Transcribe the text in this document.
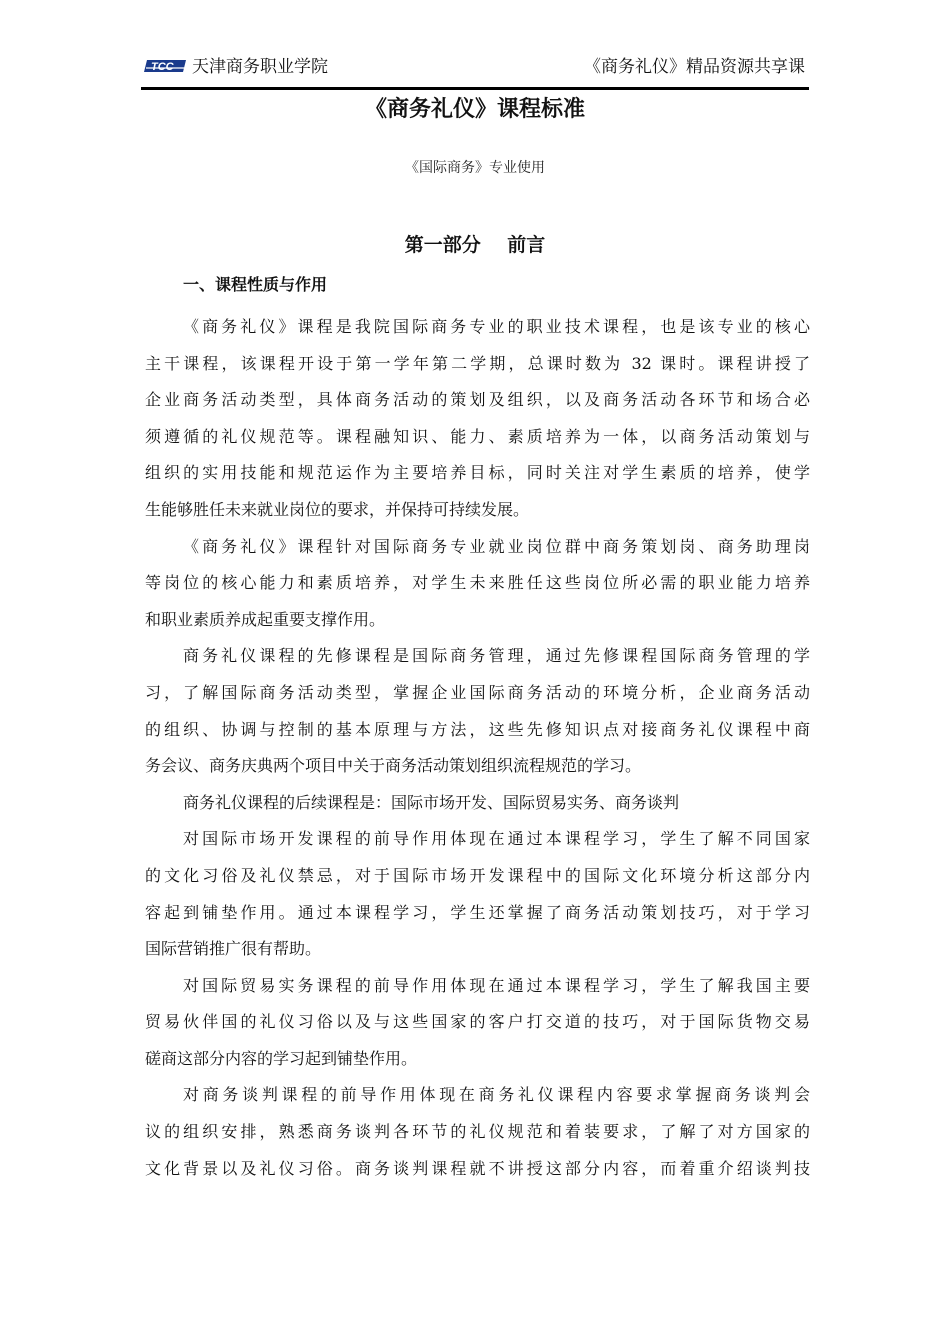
TCC 天津商务职业学院	《商务礼仪》精品资源共享课
《商务礼仪》课程标准
《国际商务》专业使用
第一部分    前言
一、课程性质与作用
《商务礼仪》课程是我院国际商务专业的职业技术课程，也是该专业的核心
主干课程，该课程开设于第一学年第二学期，总课时数为 32 课时。课程讲授了
企业商务活动类型，具体商务活动的策划及组织，以及商务活动各环节和场合必
须遵循的礼仪规范等。课程融知识、能力、素质培养为一体，以商务活动策划与
组织的实用技能和规范运作为主要培养目标，同时关注对学生素质的培养，使学
生能够胜任未来就业岗位的要求，并保持可持续发展。
《商务礼仪》课程针对国际商务专业就业岗位群中商务策划岗、商务助理岗
等岗位的核心能力和素质培养，对学生未来胜任这些岗位所必需的职业能力培养
和职业素质养成起重要支撑作用。
商务礼仪课程的先修课程是国际商务管理，通过先修课程国际商务管理的学
习，了解国际商务活动类型，掌握企业国际商务活动的环境分析，企业商务活动
的组织、协调与控制的基本原理与方法，这些先修知识点对接商务礼仪课程中商
务会议、商务庆典两个项目中关于商务活动策划组织流程规范的学习。
商务礼仪课程的后续课程是：国际市场开发、国际贸易实务、商务谈判
对国际市场开发课程的前导作用体现在通过本课程学习，学生了解不同国家
的文化习俗及礼仪禁忌，对于国际市场开发课程中的国际文化环境分析这部分内
容起到铺垫作用。通过本课程学习，学生还掌握了商务活动策划技巧，对于学习
国际营销推广很有帮助。
对国际贸易实务课程的前导作用体现在通过本课程学习，学生了解我国主要
贸易伙伴国的礼仪习俗以及与这些国家的客户打交道的技巧，对于国际货物交易
磋商这部分内容的学习起到铺垫作用。
对商务谈判课程的前导作用体现在商务礼仪课程内容要求掌握商务谈判会
议的组织安排，熟悉商务谈判各环节的礼仪规范和着装要求，了解了对方国家的
文化背景以及礼仪习俗。商务谈判课程就不讲授这部分内容，而着重介绍谈判技
